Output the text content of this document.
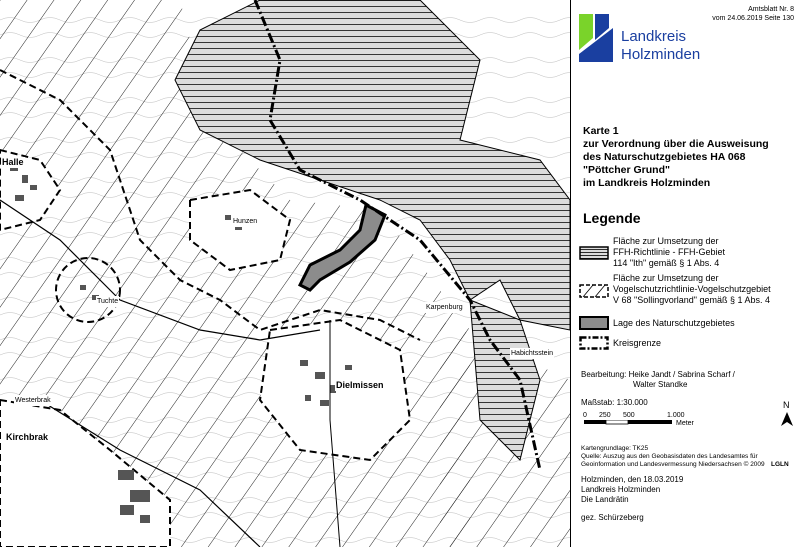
Halle
Dielmissen
Kirchbrak
Hunzen
Tuchte
Karpenburg
Habichtsstein
Westerbrak
Amtsblatt Nr. 8
vom 24.06.2019 Seite 130
Landkreis
Holzminden
Karte 1
zur Verordnung über die Ausweisung
des Naturschutzgebietes HA 068
"Pöttcher Grund"
im Landkreis Holzminden
Legende
Fläche zur Umsetzung der
FFH-Richtlinie - FFH-Gebiet
114 "Ith" gemäß § 1 Abs. 4
Fläche zur Umsetzung der
Vogelschutzrichtlinie-Vogelschutzgebiet
V 68 "Sollingvorland" gemäß § 1 Abs. 4
Lage des Naturschutzgebietes
Kreisgrenze
Bearbeitung: Heike Jandt / Sabrina Scharf /
Walter Standke
Maßstab: 1:30.000
0 250 500	1.000
Meter
N
Kartengrundlage: TK25
Quelle: Auszug aus den Geobasisdaten des Landesamtes für
Geoinformation und Landesvermessung Niedersachsen © 2009 LGLN
Holzminden, den 18.03.2019
Landkreis Holzminden
Die Landrätin
gez. Schürzeberg
